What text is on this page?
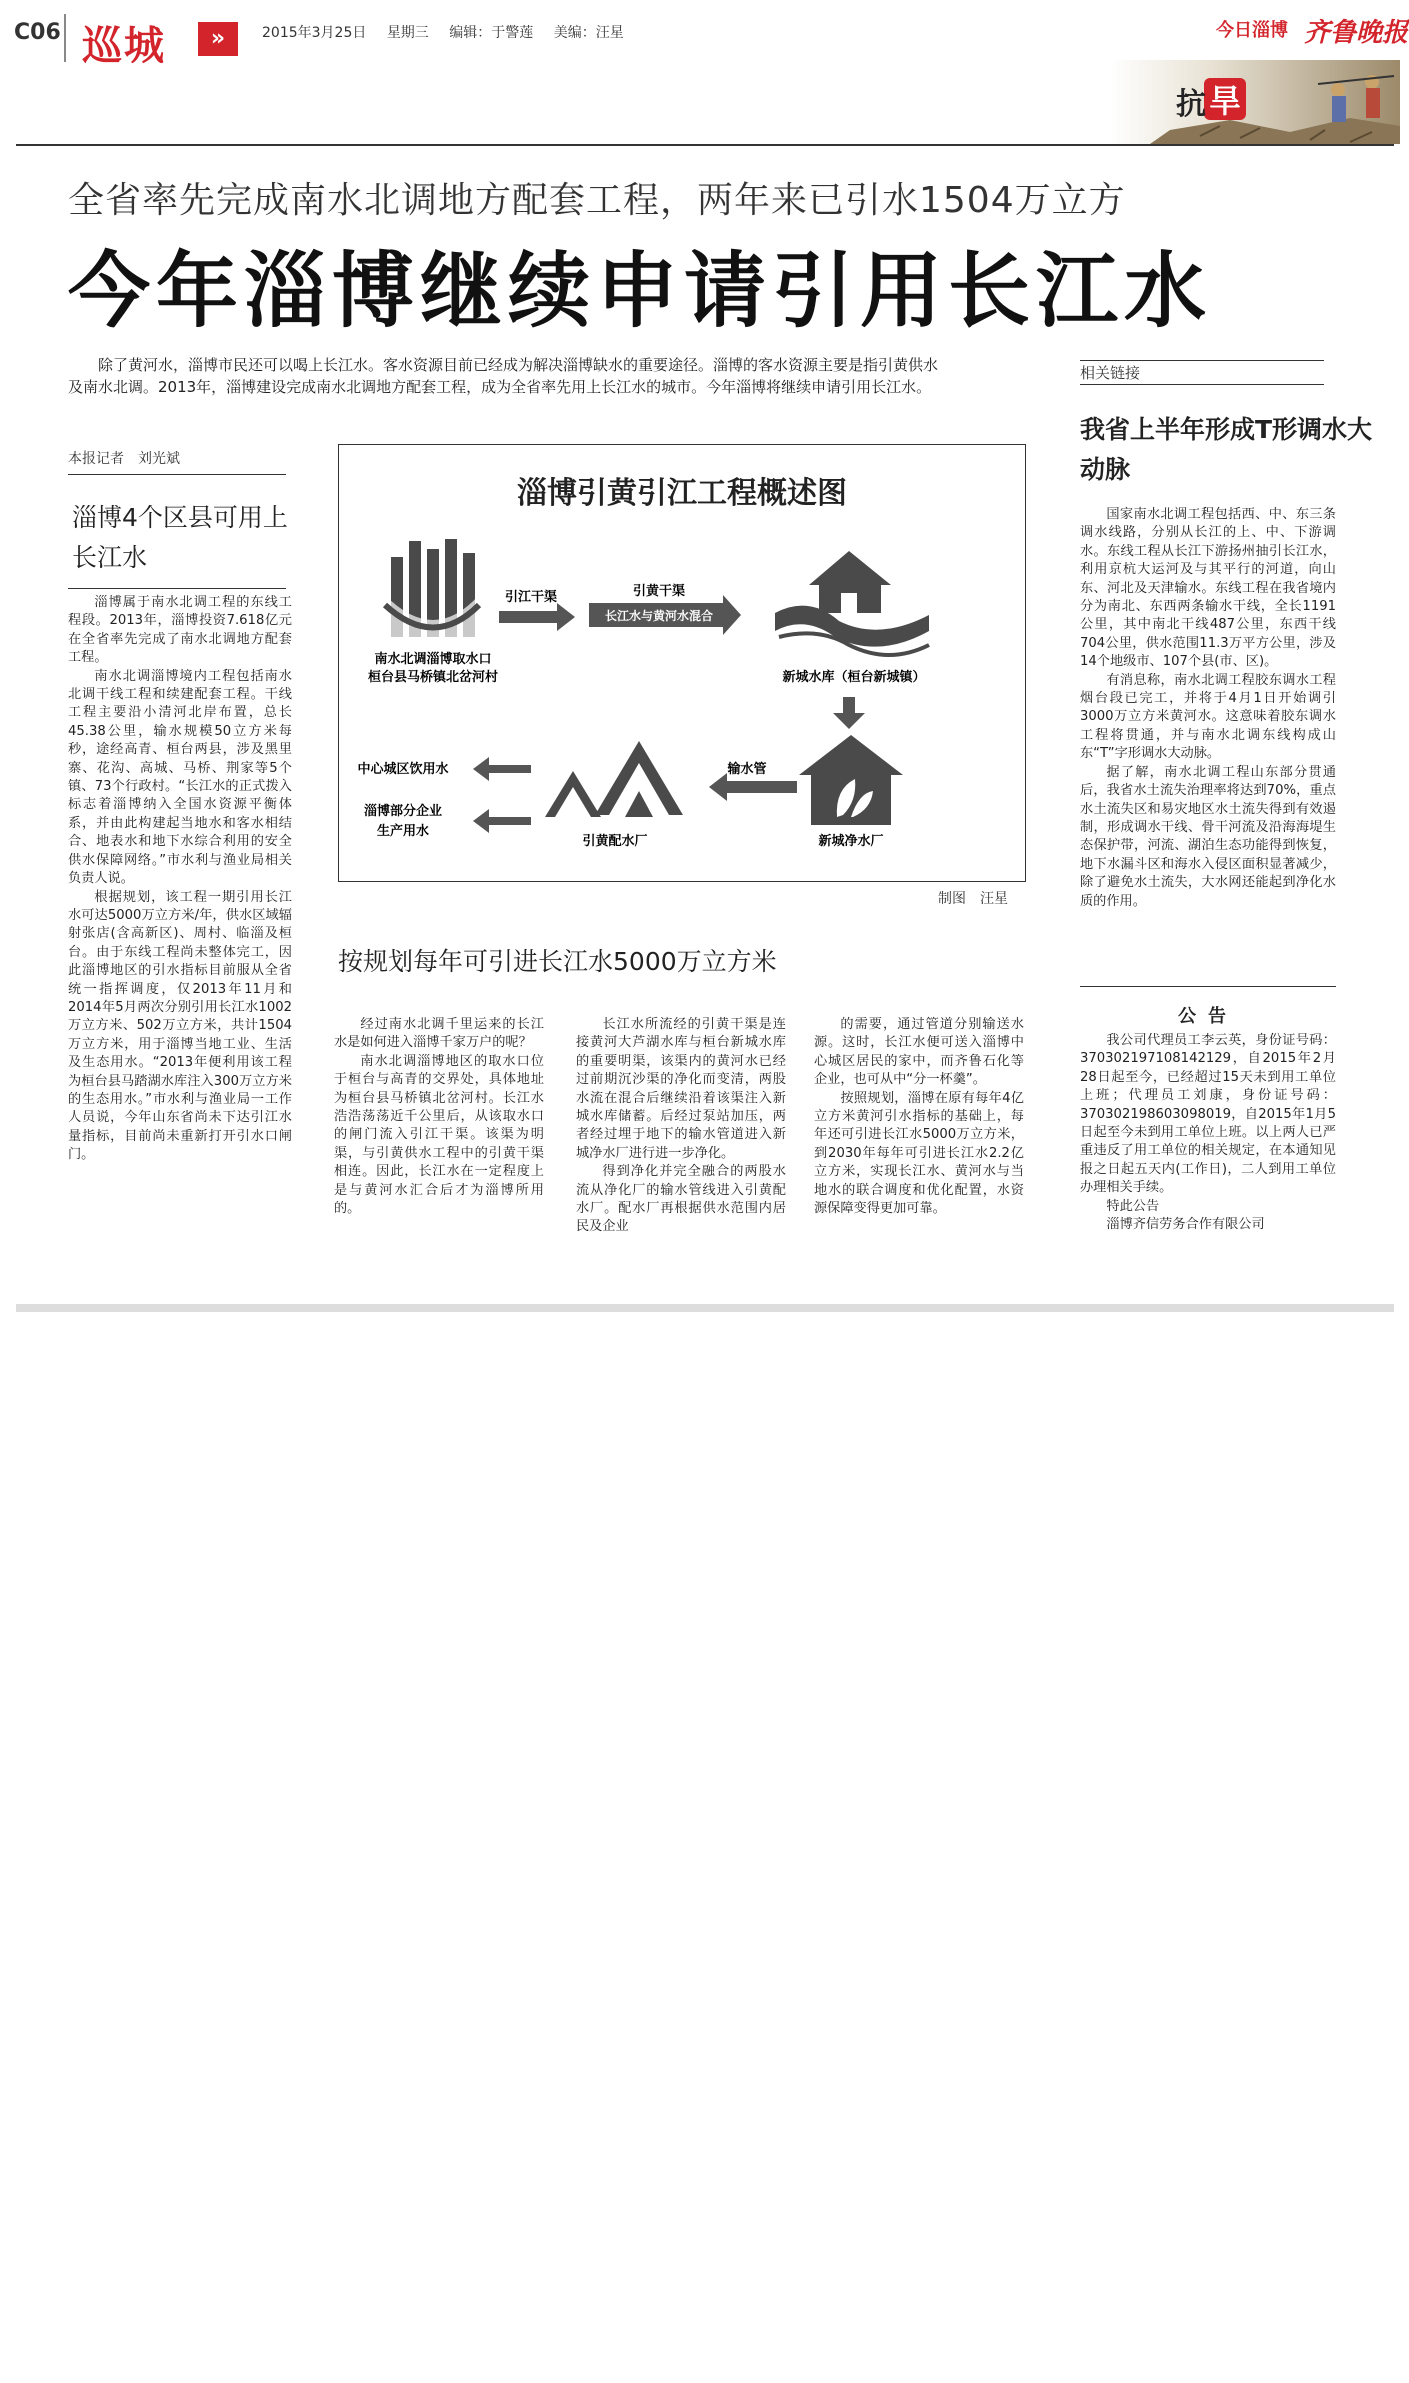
C06 巡城	»	2015年3月25日 星期三 编辑：于警莲 美编：汪星	今日淄博 齐鲁晚报
旱
抗
全省率先完成南水北调地方配套工程，两年来已引水1504万立方
今年淄博继续申请引用长江水
除了黄河水，淄博市民还可以喝上长江水。客水资源目前已经成为解决淄博缺水的重要途径。淄博的客水资源主要是指引黄供水及南水北调。2013年，淄博建设完成南水北调地方配套工程，成为全省率先用上长江水的城市。今年淄博将继续申请引用长江水。
本报记者　刘光斌
淄博4个区县可用上长江水

淄博属于南水北调工程的东线工程段。2013年，淄博投资7.618亿元在全省率先完成了南水北调地方配套工程。

南水北调淄博境内工程包括南水北调干线工程和续建配套工程。干线工程主要沿小清河北岸布置，总长45.38公里，输水规模50立方米每秒，途经高青、桓台两县，涉及黑里寨、花沟、高城、马桥、荆家等5个镇、73个行政村。“长江水的正式拨入标志着淄博纳入全国水资源平衡体系，并由此构建起当地水和客水相结合、地表水和地下水综合利用的安全供水保障网络。”市水利与渔业局相关负责人说。

根据规划，该工程一期引用长江水可达5000万立方米/年，供水区域辐射张店(含高新区)、周村、临淄及桓台。由于东线工程尚未整体完工，因此淄博地区的引水指标目前服从全省统一指挥调度，仅2013年11月和2014年5月两次分别引用长江水1002万立方米、502万立方米，共计1504万立方米，用于淄博当地工业、生活及生态用水。“2013年便利用该工程为桓台县马踏湖水库注入300万立方米的生态用水。”市水利与渔业局一工作人员说，今年山东省尚未下达引江水量指标，目前尚未重新打开引水口闸门。

淄博引黄引江工程概述图
南水北调淄博取水口
桓台县马桥镇北岔河村
引江干渠	引黄干渠
长江水与黄河水混合
新城水库（桓台新城镇）
新城净水厂
输水管
引黄配水厂
中心城区饮用水
淄博部分企业
生产用水
制图　汪星
按规划每年可引进长江水5000万立方米

经过南水北调千里运来的长江水是如何进入淄博千家万户的呢？

南水北调淄博地区的取水口位于桓台与高青的交界处，具体地址为桓台县马桥镇北岔河村。长江水浩浩荡荡近千公里后，从该取水口的闸门流入引江干渠。该渠为明渠，与引黄供水工程中的引黄干渠相连。因此，长江水在一定程度上是与黄河水汇合后才为淄博所用的。

长江水所流经的引黄干渠是连接黄河大芦湖水库与桓台新城水库的重要明渠，该渠内的黄河水已经过前期沉沙渠的净化而变清，两股水流在混合后继续沿着该渠注入新城水库储蓄。后经过泵站加压，两者经过埋于地下的输水管道进入新城净水厂进行进一步净化。

得到净化并完全融合的两股水流从净化厂的输水管线进入引黄配水厂。配水厂再根据供水范围内居民及企业

的需要，通过管道分别输送水源。这时，长江水便可送入淄博中心城区居民的家中，而齐鲁石化等企业，也可从中“分一杯羹”。

按照规划，淄博在原有每年4亿立方米黄河引水指标的基础上，每年还可引进长江水5000万立方米，到2030年每年可引进长江水2.2亿立方米，实现长江水、黄河水与当地水的联合调度和优化配置，水资源保障变得更加可靠。

相关链接
我省上半年形成T形调水大动脉

国家南水北调工程包括西、中、东三条调水线路，分别从长江的上、中、下游调水。东线工程从长江下游扬州抽引长江水，利用京杭大运河及与其平行的河道，向山东、河北及天津输水。东线工程在我省境内分为南北、东西两条输水干线，全长1191公里，其中南北干线487公里，东西干线704公里，供水范围11.3万平方公里，涉及14个地级市、107个县(市、区)。

有消息称，南水北调工程胶东调水工程烟台段已完工，并将于4月1日开始调引3000万立方米黄河水。这意味着胶东调水工程将贯通，并与南水北调东线构成山东“T”字形调水大动脉。

据了解，南水北调工程山东部分贯通后，我省水土流失治理率将达到70%，重点水土流失区和易灾地区水土流失得到有效遏制，形成调水干线、骨干河流及沿海海堤生态保护带，河流、湖泊生态功能得到恢复，地下水漏斗区和海水入侵区面积显著减少，除了避免水土流失，大水网还能起到净化水质的作用。

公告

我公司代理员工李云英，身份证号码：370302197108142129，自2015年2月28日起至今，已经超过15天未到用工单位上班；代理员工刘康，身份证号码：370302198603098019，自2015年1月5日起至今未到用工单位上班。以上两人已严重违反了用工单位的相关规定，在本通知见报之日起五天内(工作日)，二人到用工单位办理相关手续。

特此公告

淄博齐信劳务合作有限公司
